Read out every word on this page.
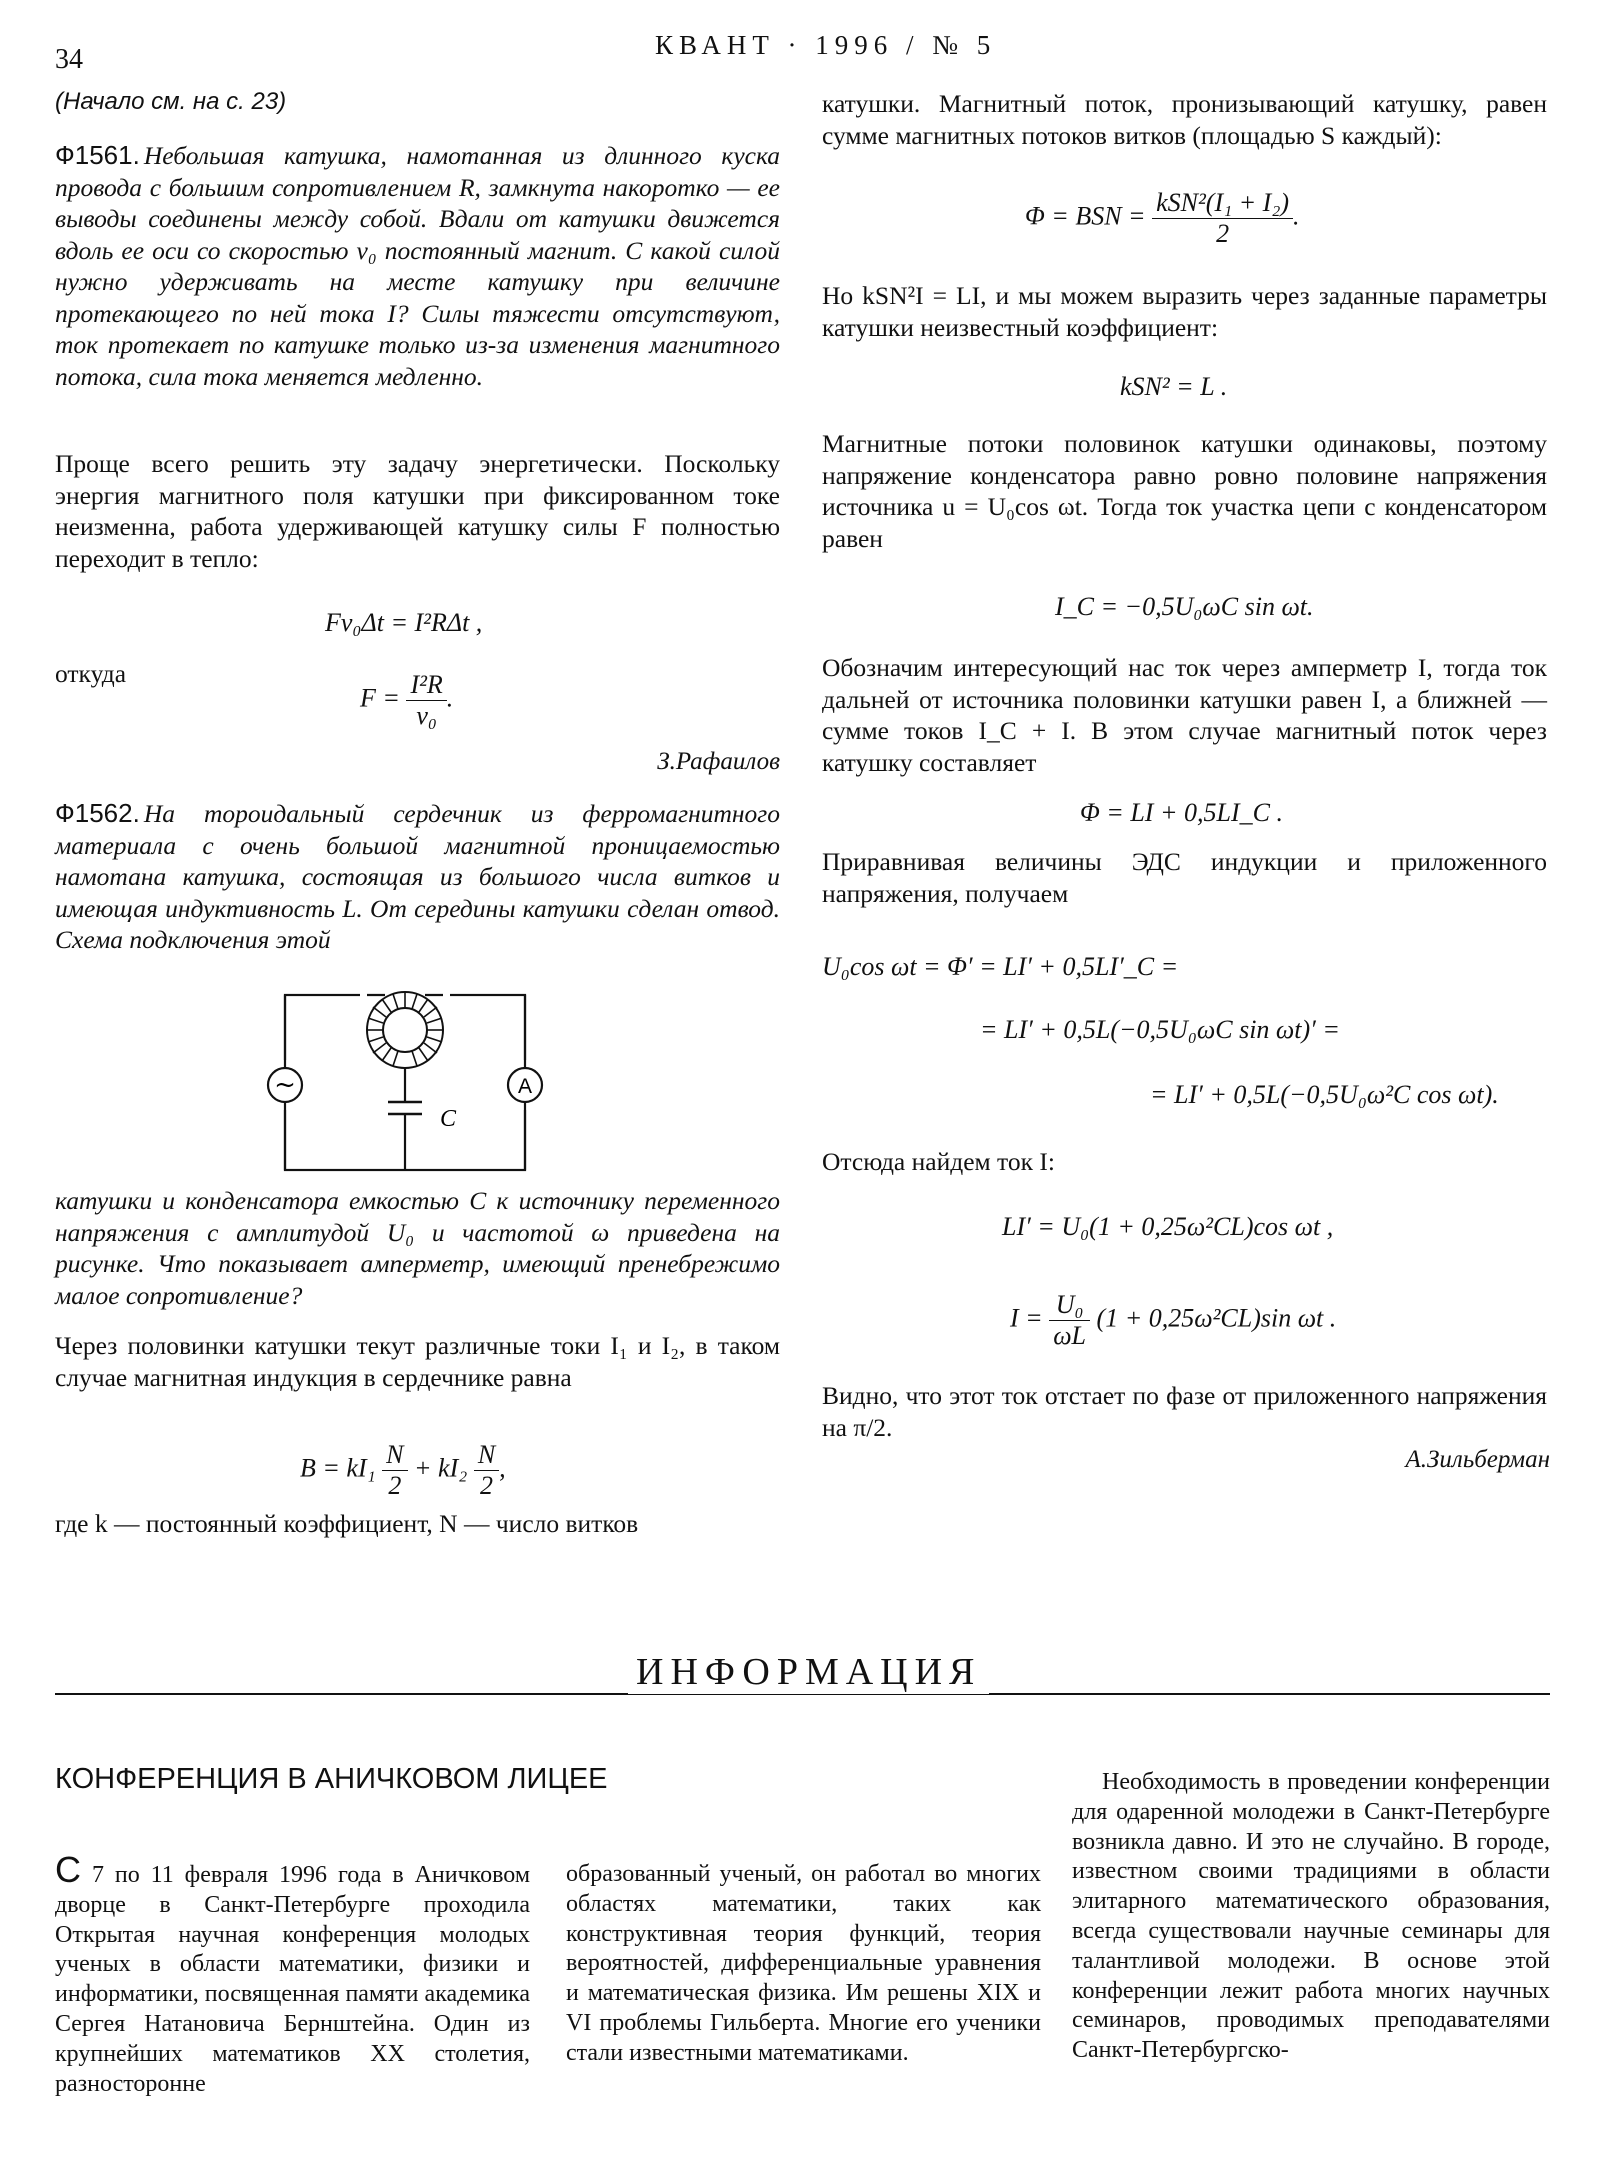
34	КВАНТ · 1996 / № 5
(Начало см. на с. 23)
Ф1561. Небольшая катушка, намотанная из длинного куска провода с большим сопротивлением R, замкнута накоротко — ее выводы соединены между собой. Вдали от катушки движется вдоль ее оси со скоростью v₀ постоянный магнит. С какой силой нужно удерживать на месте катушку при величине протекающего по ней тока I? Силы тяжести отсутствуют, ток протекает по катушке только из-за изменения магнитного потока, сила тока меняется медленно.
Проще всего решить эту задачу энергетически. Поскольку энергия магнитного поля катушки при фиксированном токе неизменна, работа удерживающей катушку силы F полностью переходит в тепло:
Fv₀Δt = I²RΔt ,
откуда
$F = \frac{\text{I²R}}{\text{v₀}}$ .
З.Рафаилов
Ф1562. На тороидальный сердечник из ферромагнитного материала с очень большой магнитной проницаемостью намотана катушка, состоящая из большого числа витков и имеющая индуктивность L. От середины катушки сделан отвод. Схема подключения этой
~	A
C
катушки и конденсатора емкостью C к источнику переменного напряжения с амплитудой U₀ и частотой ω приведена на рисунке. Что показывает амперметр, имеющий пренебрежимо малое сопротивление?
Через половинки катушки текут различные токи I₁ и I₂, в таком случае магнитная индукция в сердечнике равна
$B = kI_1 \frac{N}{2} + kI_2 \frac{N}{2}$ ,
где k — постоянный коэффициент, N — число витков
катушки. Магнитный поток, пронизывающий катушку, равен сумме магнитных потоков витков (площадью S каждый):
Φ = BSN = $\frac{\text{kSN²(I₁ + I₂)}}{2}$ .
Но kSN²I = LI, и мы можем выразить через заданные параметры катушки неизвестный коэффициент:
kSN² = L .
Магнитные потоки половинок катушки одинаковы, поэтому напряжение конденсатора равно ровно половине напряжения источника u = U₀cos ωt. Тогда ток участка цепи с конденсатором равен
I_C = −0,5U₀ωC sin ωt.
Обозначим интересующий нас ток через амперметр I, тогда ток дальней от источника половинки катушки равен I, а ближней — сумме токов I_C + I. В этом случае магнитный поток через катушку составляет
Φ = LI + 0,5LI_C .
Приравнивая величины ЭДС индукции и приложенного напряжения, получаем
U₀cos ωt = Φ′ = LI′ + 0,5LI′_C =
= LI′ + 0,5L(−0,5U₀ωC sin ωt)′ =
= LI′ + 0,5L(−0,5U₀ω²C cos ωt).
Отсюда найдем ток I:
LI′ = U₀(1 + 0,25ω²CL)cos ωt ,
$I = \frac{\text{U₀}}{\omega L} (1 + 0,25\omega^2CL)\sin$ ωt .
Видно, что этот ток отстает по фазе от приложенного напряжения на π/2.
А.Зильберман
ИНФОРМАЦИЯ
КОНФЕРЕНЦИЯ В АНИЧКОВОМ ЛИЦЕЕ
С 7 по 11 февраля 1996 года в Аничковом дворце в Санкт-Петербурге проходила Открытая научная конференция молодых ученых в области математики, физики и информатики, посвященная памяти академика Сергея Натановича Бернштейна. Один из крупнейших математиков XX столетия, разносторонне
образованный ученый, он работал во многих областях математики, таких как конструктивная теория функций, теория вероятностей, дифференциальные уравнения и математическая физика. Им решены XIX и VI проблемы Гильберта. Многие его ученики стали известными математиками.
Необходимость в проведении конференции для одаренной молодежи в Санкт-Петербурге возникла давно. И это не случайно. В городе, известном своими традициями в области элитарного математического образования, всегда существовали научные семинары для талантливой молодежи. В основе этой конференции лежит работа многих научных семинаров, проводимых преподавателями Санкт-Петербургско-
